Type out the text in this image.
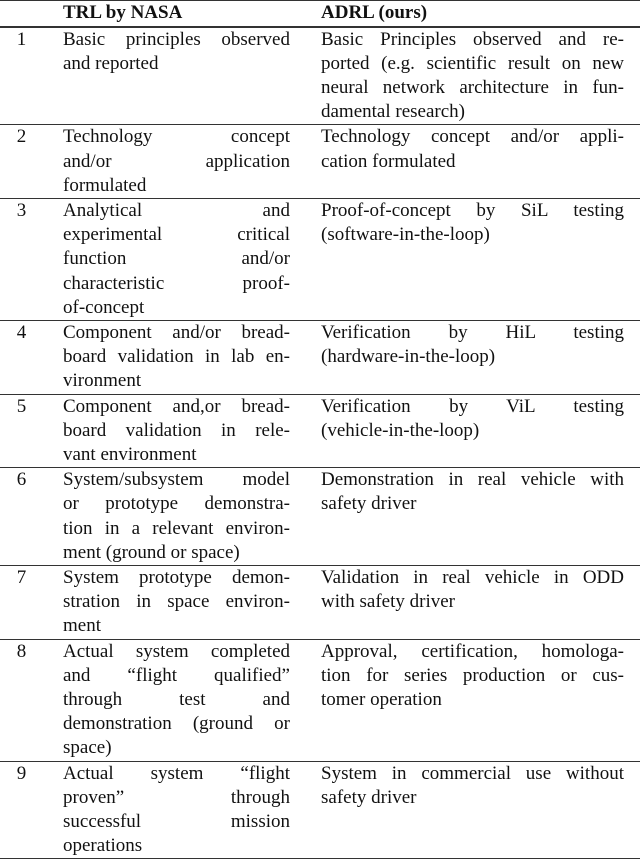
	TRL by NASA	ADRL (ours)
1	Basic principles observed
and reported	Basic Principles observed and re-
ported (e.g. scientific result on new
neural network architecture in fun-
damental research)

2	Technology concept
and/or application
formulated	Technology concept and/or appli-
cation formulated

3	Analytical and
experimental critical
function and/or
characteristic proof-
of-concept	Proof-of-concept by SiL testing
(software-in-the-loop)

4	Component and/or bread-
board validation in lab en-
vironment	Verification by HiL testing
(hardware-in-the-loop)

5	Component and,or bread-
board validation in rele-
vant environment	Verification by ViL testing
(vehicle-in-the-loop)

6	System/subsystem model
or prototype demonstra-
tion in a relevant environ-
ment (ground or space)	Demonstration in real vehicle with
safety driver

7	System prototype demon-
stration in space environ-
ment	Validation in real vehicle in ODD
with safety driver

8	Actual system completed
and “flight qualified”
through test and
demonstration (ground or
space)	Approval, certification, homologa-
tion for series production or cus-
tomer operation

9	Actual system “flight
proven” through
successful mission
operations	System in commercial use without
safety driver
